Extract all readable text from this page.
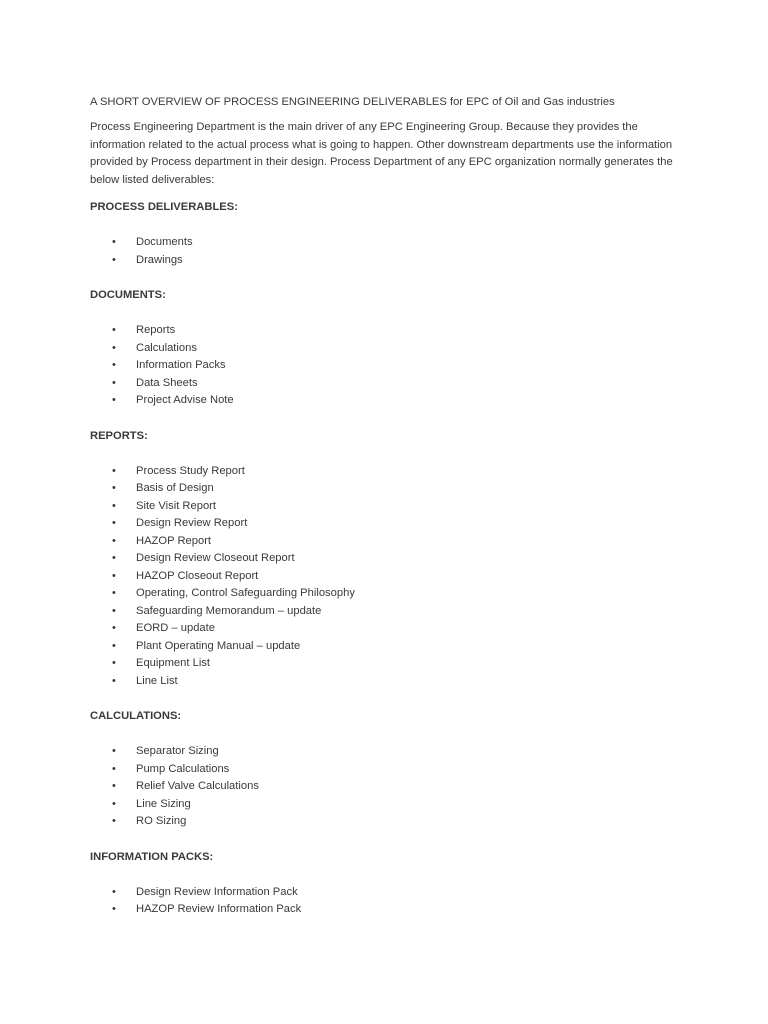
A SHORT OVERVIEW OF PROCESS ENGINEERING DELIVERABLES for EPC of Oil and Gas industries

Process Engineering Department is the main driver of any EPC Engineering Group. Because they provides the information related to the actual process what is going to happen. Other downstream departments use the information provided by Process department in their design. Process Department of any EPC organization normally generates the below listed deliverables:

PROCESS DELIVERABLES:

• Documents
• Drawings

DOCUMENTS:

• Reports
• Calculations
• Information Packs
• Data Sheets
• Project Advise Note

REPORTS:

• Process Study Report
• Basis of Design
• Site Visit Report
• Design Review Report
• HAZOP Report
• Design Review Closeout Report
• HAZOP Closeout Report
• Operating, Control Safeguarding Philosophy
• Safeguarding Memorandum – update
• EORD – update
• Plant Operating Manual – update
• Equipment List
• Line List

CALCULATIONS:

• Separator Sizing
• Pump Calculations
• Relief Valve Calculations
• Line Sizing
• RO Sizing

INFORMATION PACKS:

• Design Review Information Pack
• HAZOP Review Information Pack
